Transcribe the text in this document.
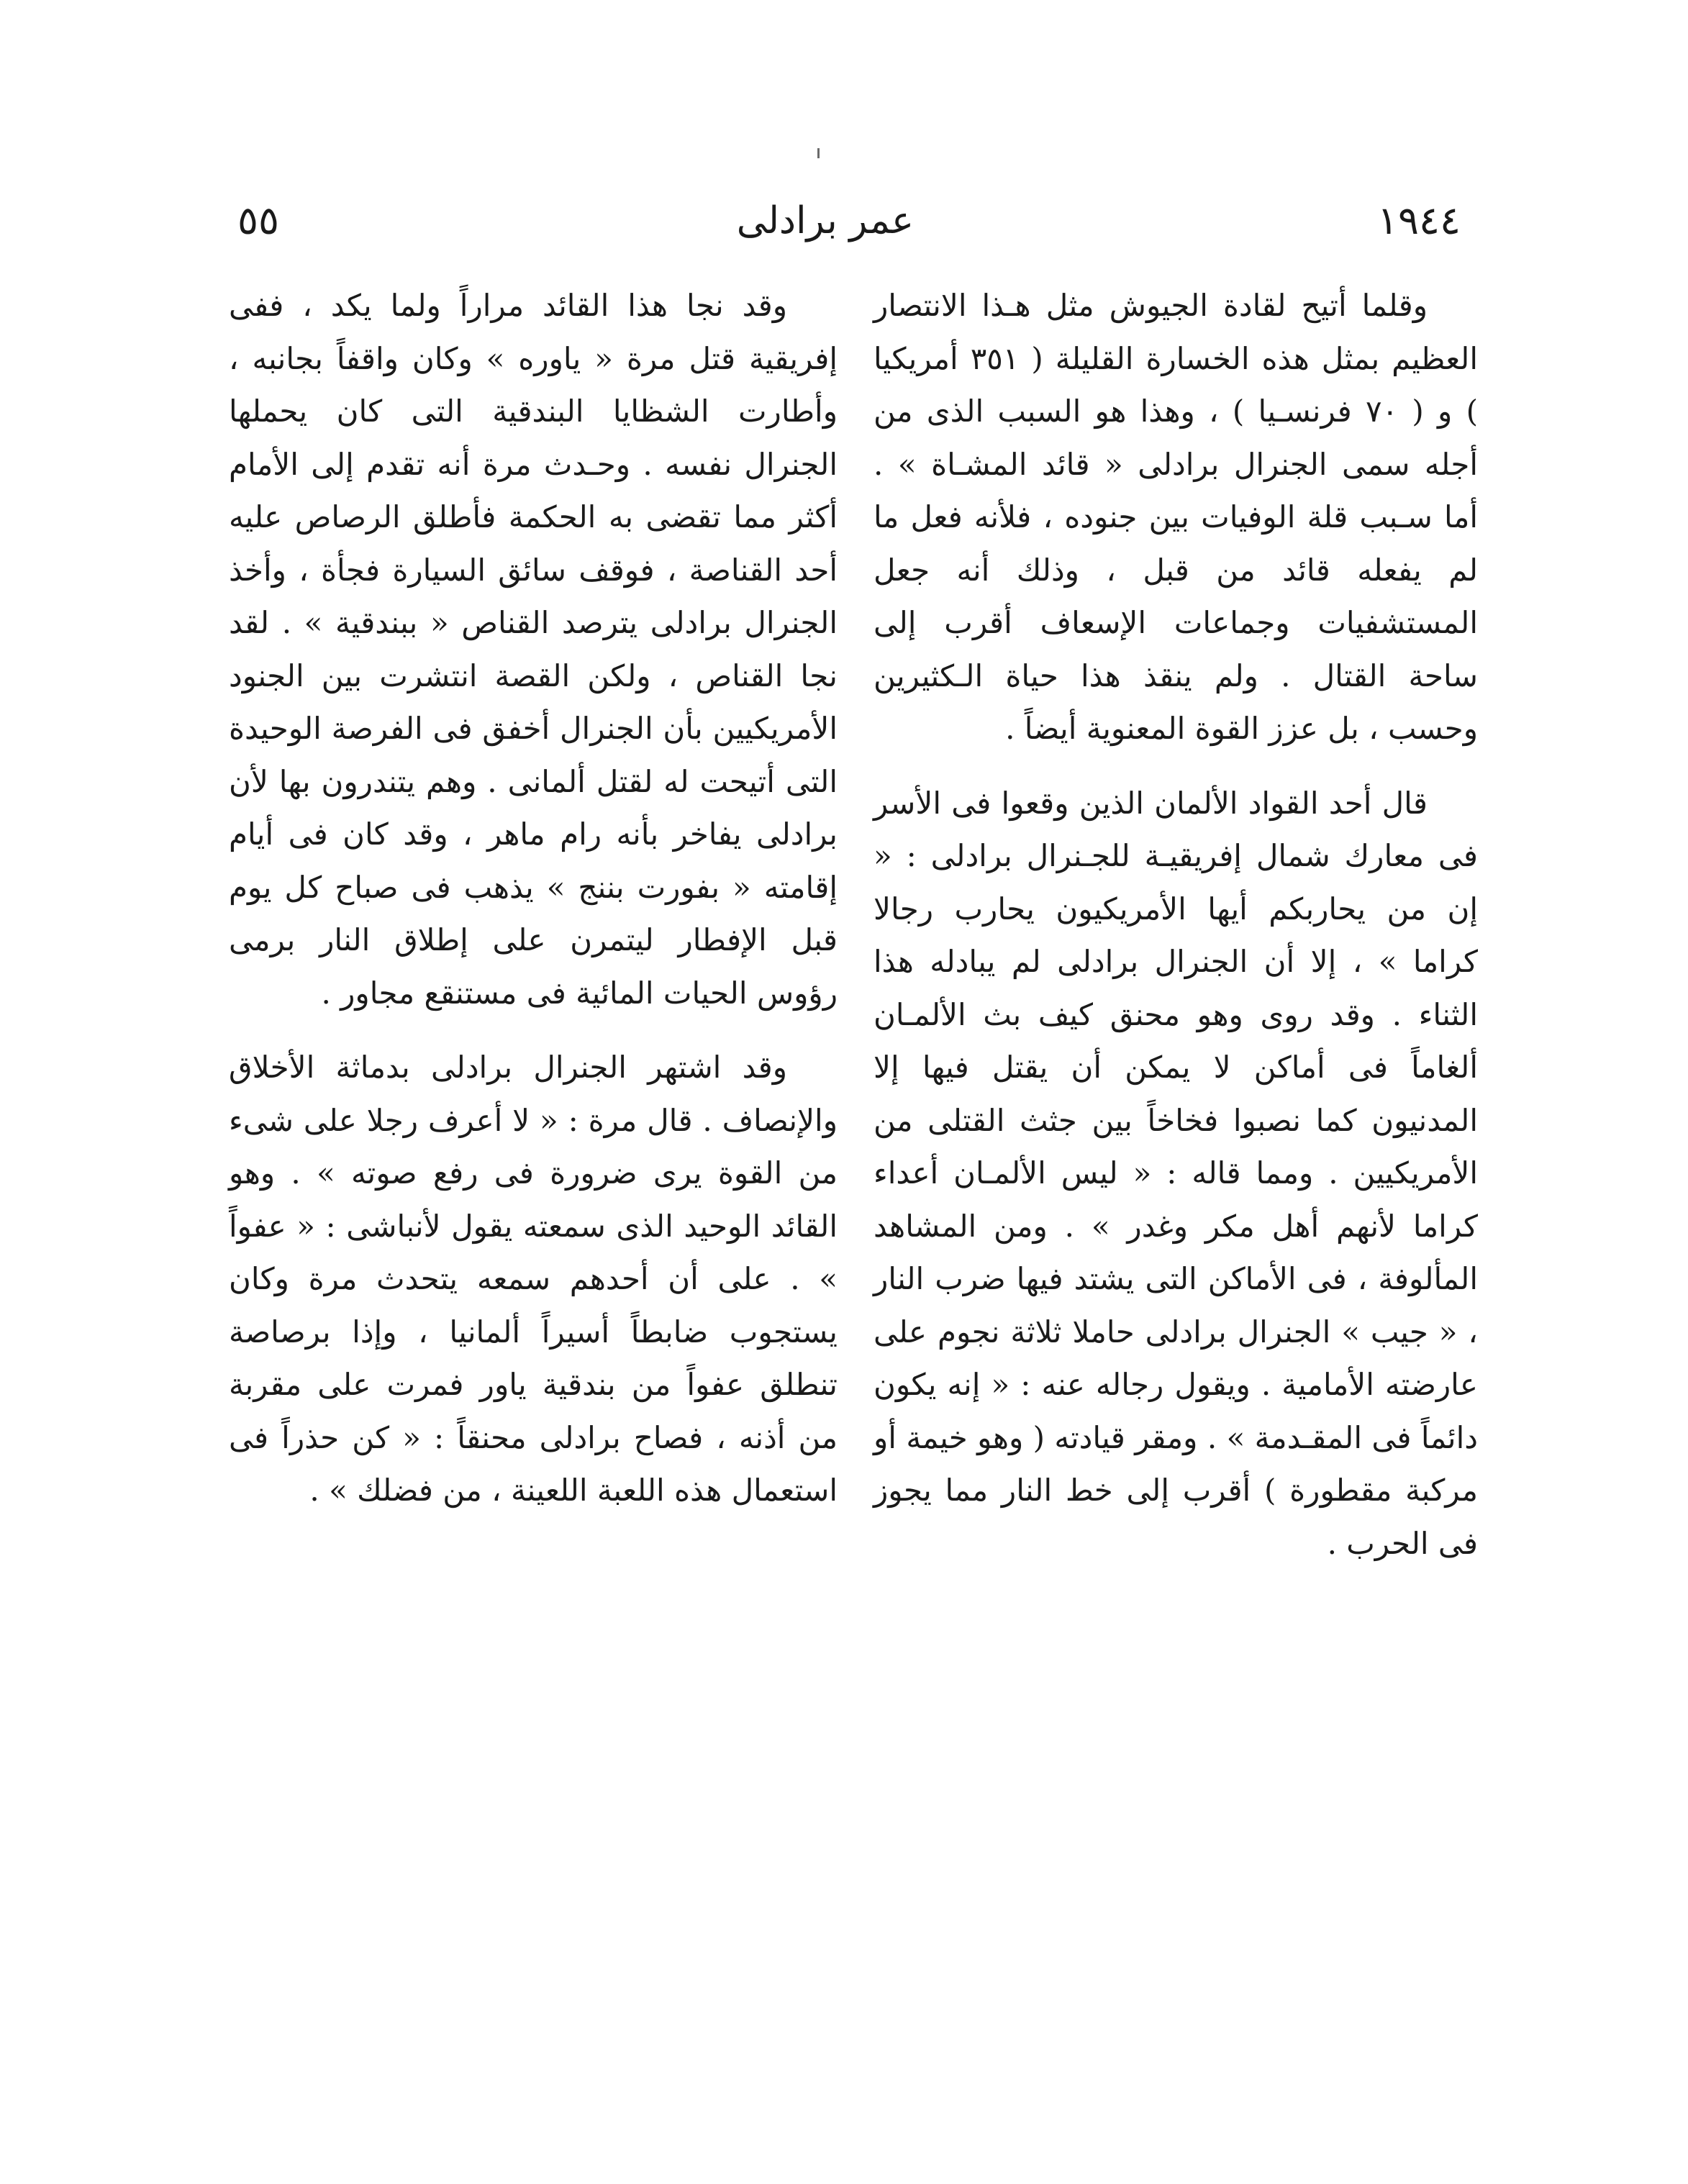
١٩٤٤
عمر برادلى
٥٥

وقلما أتيح لقادة الجيوش مثل هـذا الانتصار العظيم بمثل هذه الخسارة القليلة ( ٣٥١ أمريكيا ) و ( ٧٠ فرنسـيا ) ، وهذا هو السبب الذى من أجله سمى الجنرال برادلى « قائد المشـاة » . أما سـبب قلة الوفيات بين جنوده ، فلأنه فعل ما لم يفعله قائد من قبل ، وذلك أنه جعل المستشفيات وجماعات الإسعاف أقرب إلى ساحة القتال . ولم ينقذ هذا حياة الـكثيرين وحسب ، بل عزز القوة المعنوية أيضاً .

قال أحد القواد الألمان الذين وقعوا فى الأسر فى معارك شمال إفريقيـة للجـنرال برادلى : « إن من يحاربكم أيها الأمريكيون يحارب رجالا كراما » ، إلا أن الجنرال برادلى لم يبادله هذا الثناء . وقد روى وهو محنق كيف بث الألمـان ألغاماً فى أماكن لا يمكن أن يقتل فيها إلا المدنيون كما نصبوا فخاخاً بين جثث القتلى من الأمريكيين . ومما قاله : « ليس الألمـان أعداء كراما لأنهم أهل مكر وغدر » . ومن المشاهد المألوفة ، فى الأماكن التى يشتد فيها ضرب النار ، « جيب » الجنرال برادلى حاملا ثلاثة نجوم على عارضته الأمامية . ويقول رجاله عنه : « إنه يكون دائماً فى المقـدمة » . ومقر قيادته ( وهو خيمة أو مركبة مقطورة ) أقرب إلى خط النار مما يجوز فى الحرب .

وقد نجا هذا القائد مراراً ولما يكد ، ففى إفريقية قتل مرة « ياوره » وكان واقفاً بجانبه ، وأطارت الشظايا البندقية التى كان يحملها الجنرال نفسه . وحـدث مرة أنه تقدم إلى الأمام أكثر مما تقضى به الحكمة فأطلق الرصاص عليه أحد القناصة ، فوقف سائق السيارة فجأة ، وأخذ الجنرال برادلى يترصد القناص « ببندقية » . لقد نجا القناص ، ولكن القصة انتشرت بين الجنود الأمريكيين بأن الجنرال أخفق فى الفرصة الوحيدة التى أتيحت له لقتل ألمانى . وهم يتندرون بها لأن برادلى يفاخر بأنه رام ماهر ، وقد كان فى أيام إقامته « بفورت بننج » يذهب فى صباح كل يوم قبل الإفطار ليتمرن على إطلاق النار برمى رؤوس الحيات المائية فى مستنقع مجاور .

وقد اشتهر الجنرال برادلى بدماثة الأخلاق والإنصاف . قال مرة : « لا أعرف رجلا على شىء من القوة يرى ضرورة فى رفع صوته » . وهو القائد الوحيد الذى سمعته يقول لأنباشى : « عفواً » . على أن أحدهم سمعه يتحدث مرة وكان يستجوب ضابطاً أسيراً ألمانيا ، وإذا برصاصة تنطلق عفواً من بندقية ياور فمرت على مقربة من أذنه ، فصاح برادلى محنقاً : « كن حذراً فى استعمال هذه اللعبة اللعينة ، من فضلك » .
